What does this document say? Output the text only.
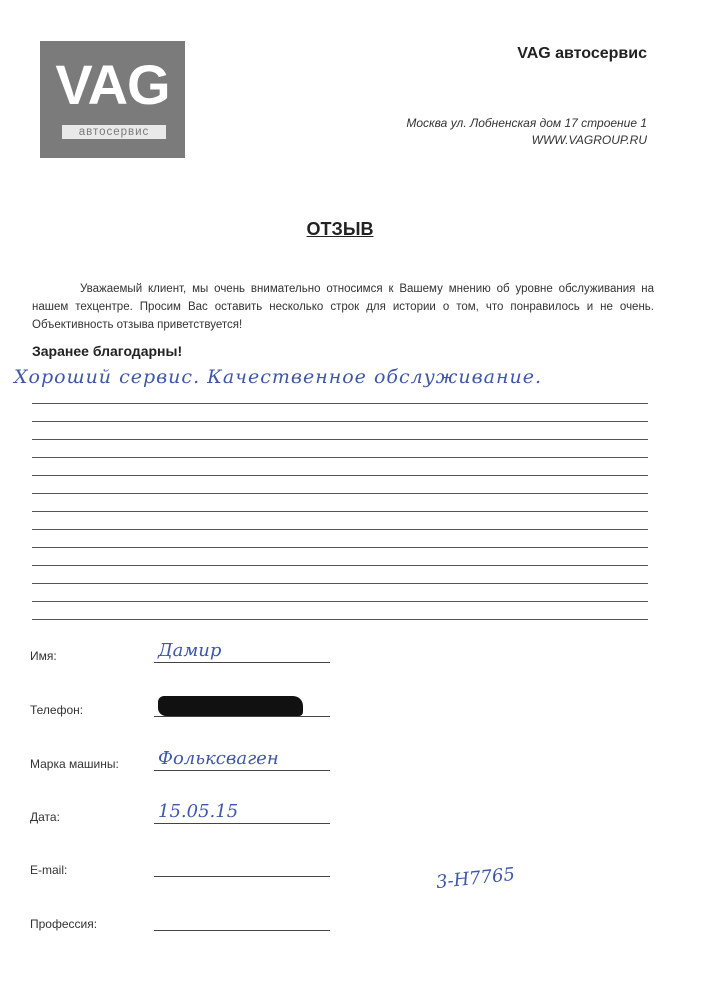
VAG
автосервис
VAG автосервис
Москва ул. Лобненская дом 17 строение 1
WWW.VAGROUP.RU
ОТЗЫВ
Уважаемый клиент, мы очень внимательно относимся к Вашему мнению об уровне обслуживания на нашем техцентре. Просим Вас оставить несколько строк для истории о том, что понравилось и не очень. Объективность отзыва приветствуется!
Заранее благодарны!
Хороший сервис. Качественное обслуживание.
Имя:	Дамир
Телефон:
Марка машины: Фольксваген
Дата:	15.05.15
E-mail:
Профессия:
3-Н7765
